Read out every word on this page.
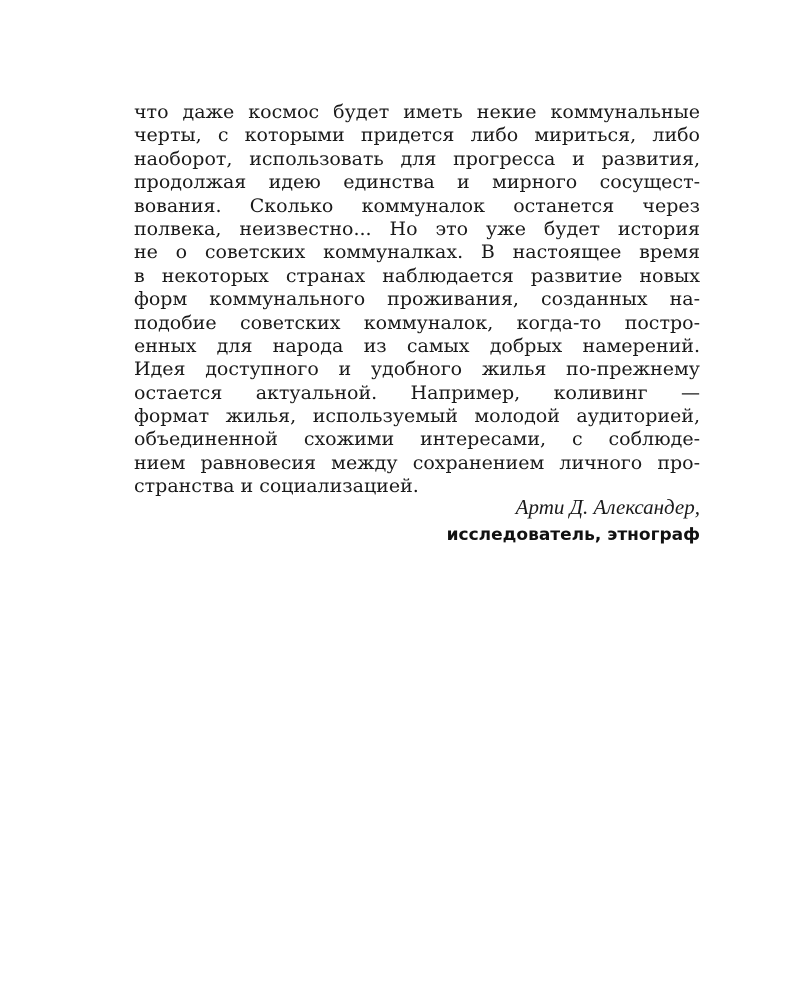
что даже космос будет иметь некие коммунальные
черты, с которыми придется либо мириться, либо
наоборот, использовать для прогресса и развития,
продолжая идею единства и мирного сосущест-
вования. Сколько коммуналок останется через
полвека, неизвестно... Но это уже будет история
не о советских коммуналках. В настоящее время
в некоторых странах наблюдается развитие новых
форм коммунального проживания, созданных на-
подобие советских коммуналок, когда-то постро-
енных для народа из самых добрых намерений.
Идея доступного и удобного жилья по-прежнему
остается актуальной. Например, коливинг —
формат жилья, используемый молодой аудиторией,
объединенной схожими интересами, с соблюде-
нием равновесия между сохранением личного про-
странства и социализацией.
Арти Д. Александер,
исследователь, этнограф
